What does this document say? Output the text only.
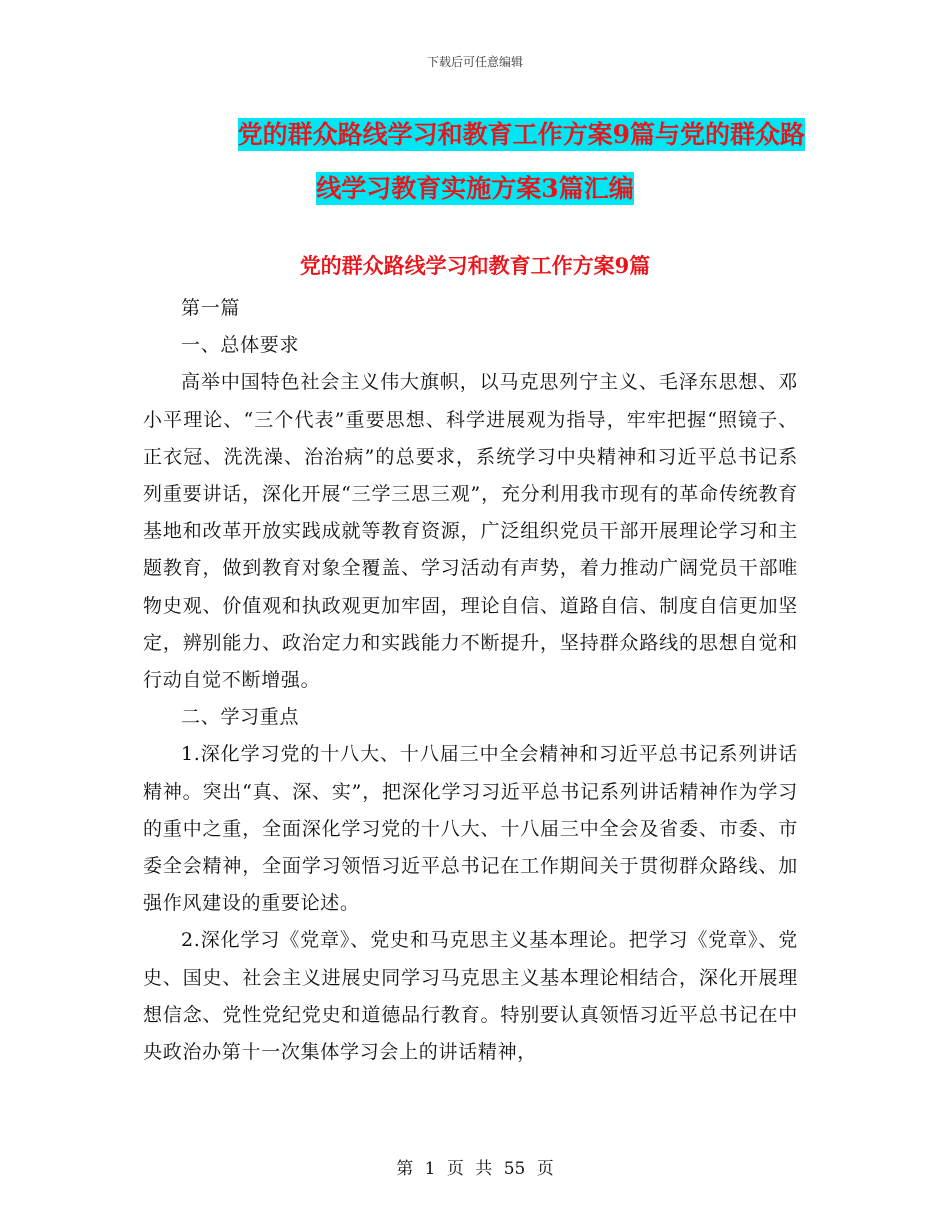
下载后可任意编辑
党的群众路线学习和教育工作方案9篇与党的群众路
线学习教育实施方案3篇汇编
党的群众路线学习和教育工作方案9篇

第一篇

一、总体要求

高举中国特色社会主义伟大旗帜，以马克思列宁主义、毛泽东思想、邓小平理论、“三个代表”重要思想、科学进展观为指导，牢牢把握“照镜子、正衣冠、洗洗澡、治治病”的总要求，系统学习中央精神和习近平总书记系列重要讲话，深化开展“三学三思三观”，充分利用我市现有的革命传统教育基地和改革开放实践成就等教育资源，广泛组织党员干部开展理论学习和主题教育，做到教育对象全覆盖、学习活动有声势，着力推动广阔党员干部唯物史观、价值观和执政观更加牢固，理论自信、道路自信、制度自信更加坚定，辨别能力、政治定力和实践能力不断提升，坚持群众路线的思想自觉和行动自觉不断增强。

二、学习重点

1.深化学习党的十八大、十八届三中全会精神和习近平总书记系列讲话精神。突出“真、深、实”，把深化学习习近平总书记系列讲话精神作为学习的重中之重，全面深化学习党的十八大、十八届三中全会及省委、市委、市委全会精神，全面学习领悟习近平总书记在工作期间关于贯彻群众路线、加强作风建设的重要论述。

2.深化学习《党章》、党史和马克思主义基本理论。把学习《党章》、党史、国史、社会主义进展史同学习马克思主义基本理论相结合，深化开展理想信念、党性党纪党史和道德品行教育。特别要认真领悟习近平总书记在中央政治办第十一次集体学习会上的讲话精神，

第 1 页 共 55 页
